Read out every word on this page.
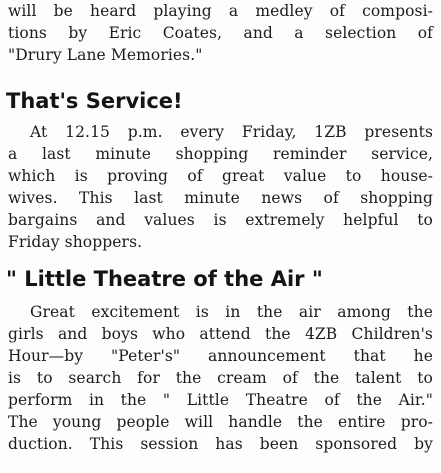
will be heard playing a medley of composi-
tions by Eric Coates, and a selection of
"Drury Lane Memories."
That's Service!
At 12.15 p.m. every Friday, 1ZB presents
a last minute shopping reminder service,
which is proving of great value to house-
wives. This last minute news of shopping
bargains and values is extremely helpful to
Friday shoppers.
" Little Theatre of the Air "
Great excitement is in the air among the
girls and boys who attend the 4ZB Children's
Hour—by "Peter's" announcement that he
is to search for the cream of the talent to
perform in the " Little Theatre of the Air."
The young people will handle the entire pro-
duction. This session has been sponsored by
